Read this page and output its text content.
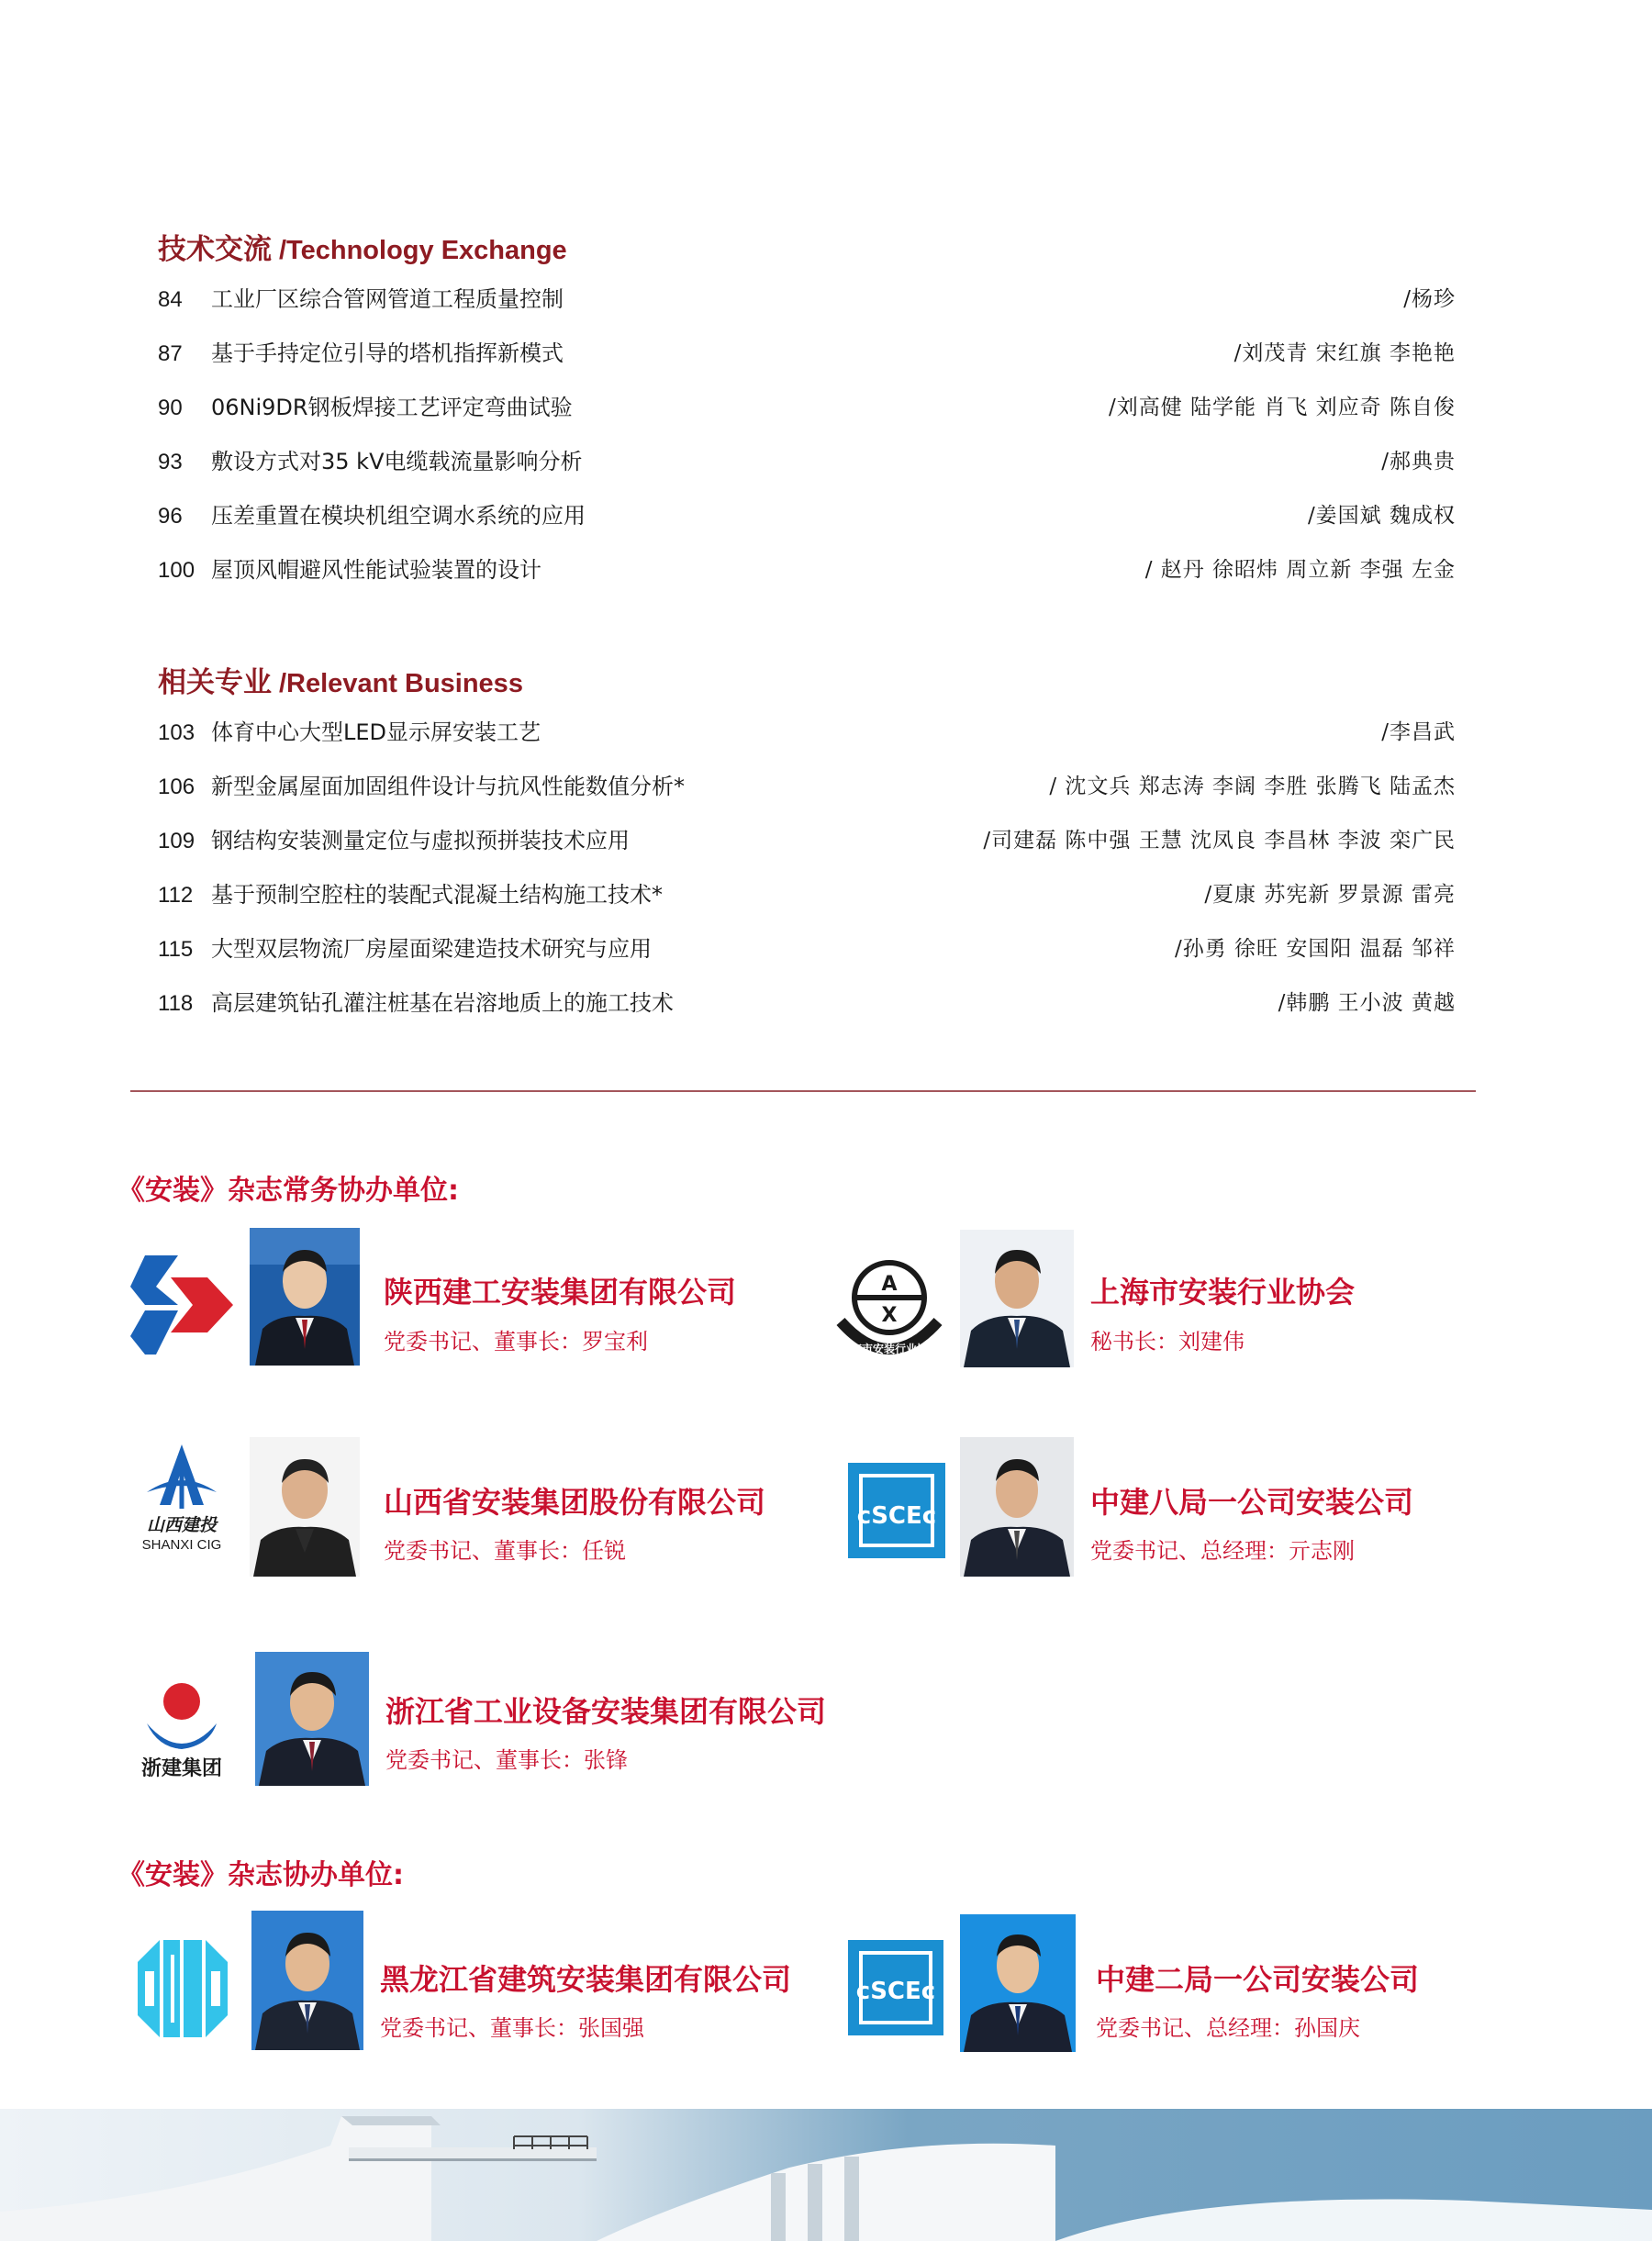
技术交流 /Technology Exchange
84 工业厂区综合管网管道工程质量控制	/杨珍
87 基于手持定位引导的塔机指挥新模式	/刘茂青 宋红旗 李艳艳
90 06Ni9DR钢板焊接工艺评定弯曲试验	/刘高健 陆学能 肖飞 刘应奇 陈自俊
93 敷设方式对35 kV电缆载流量影响分析	/郝典贵
96 压差重置在模块机组空调水系统的应用	/姜国斌 魏成权
100 屋顶风帽避风性能试验装置的设计	/ 赵丹 徐昭炜 周立新 李强 左金
相关专业 /Relevant Business
103 体育中心大型LED显示屏安装工艺	/李昌武
106 新型金属屋面加固组件设计与抗风性能数值分析*	/ 沈文兵 郑志涛 李阔 李胜 张腾飞 陆孟杰
109 钢结构安装测量定位与虚拟预拼装技术应用	/司建磊 陈中强 王慧 沈凤良 李昌林 李波 栾广民
112 基于预制空腔柱的装配式混凝土结构施工技术*	/夏康 苏宪新 罗景源 雷亮
115 大型双层物流厂房屋面梁建造技术研究与应用	/孙勇 徐旺 安国阳 温磊 邹祥
118 高层建筑钻孔灌注桩基在岩溶地质上的施工技术	/韩鹏 王小波 黄越
《安装》杂志常务协办单位:
陕西建工安装集团有限公司
党委书记、董事长：罗宝利
A
X
上海市安装行业协会
上海市安装行业协会
秘书长：刘建伟
山西建投
SHANXI CIG
山西省安装集团股份有限公司
党委书记、董事长：任锐
cSCEc	中建八局一公司安装公司
党委书记、总经理：亓志刚
浙建集团
浙江省工业设备安装集团有限公司
党委书记、董事长：张锋
《安装》杂志协办单位:
CHCI
黑龙江省建筑安装集团有限公司
党委书记、董事长：张国强
cSCEc	中建二局一公司安装公司
党委书记、总经理：孙国庆
